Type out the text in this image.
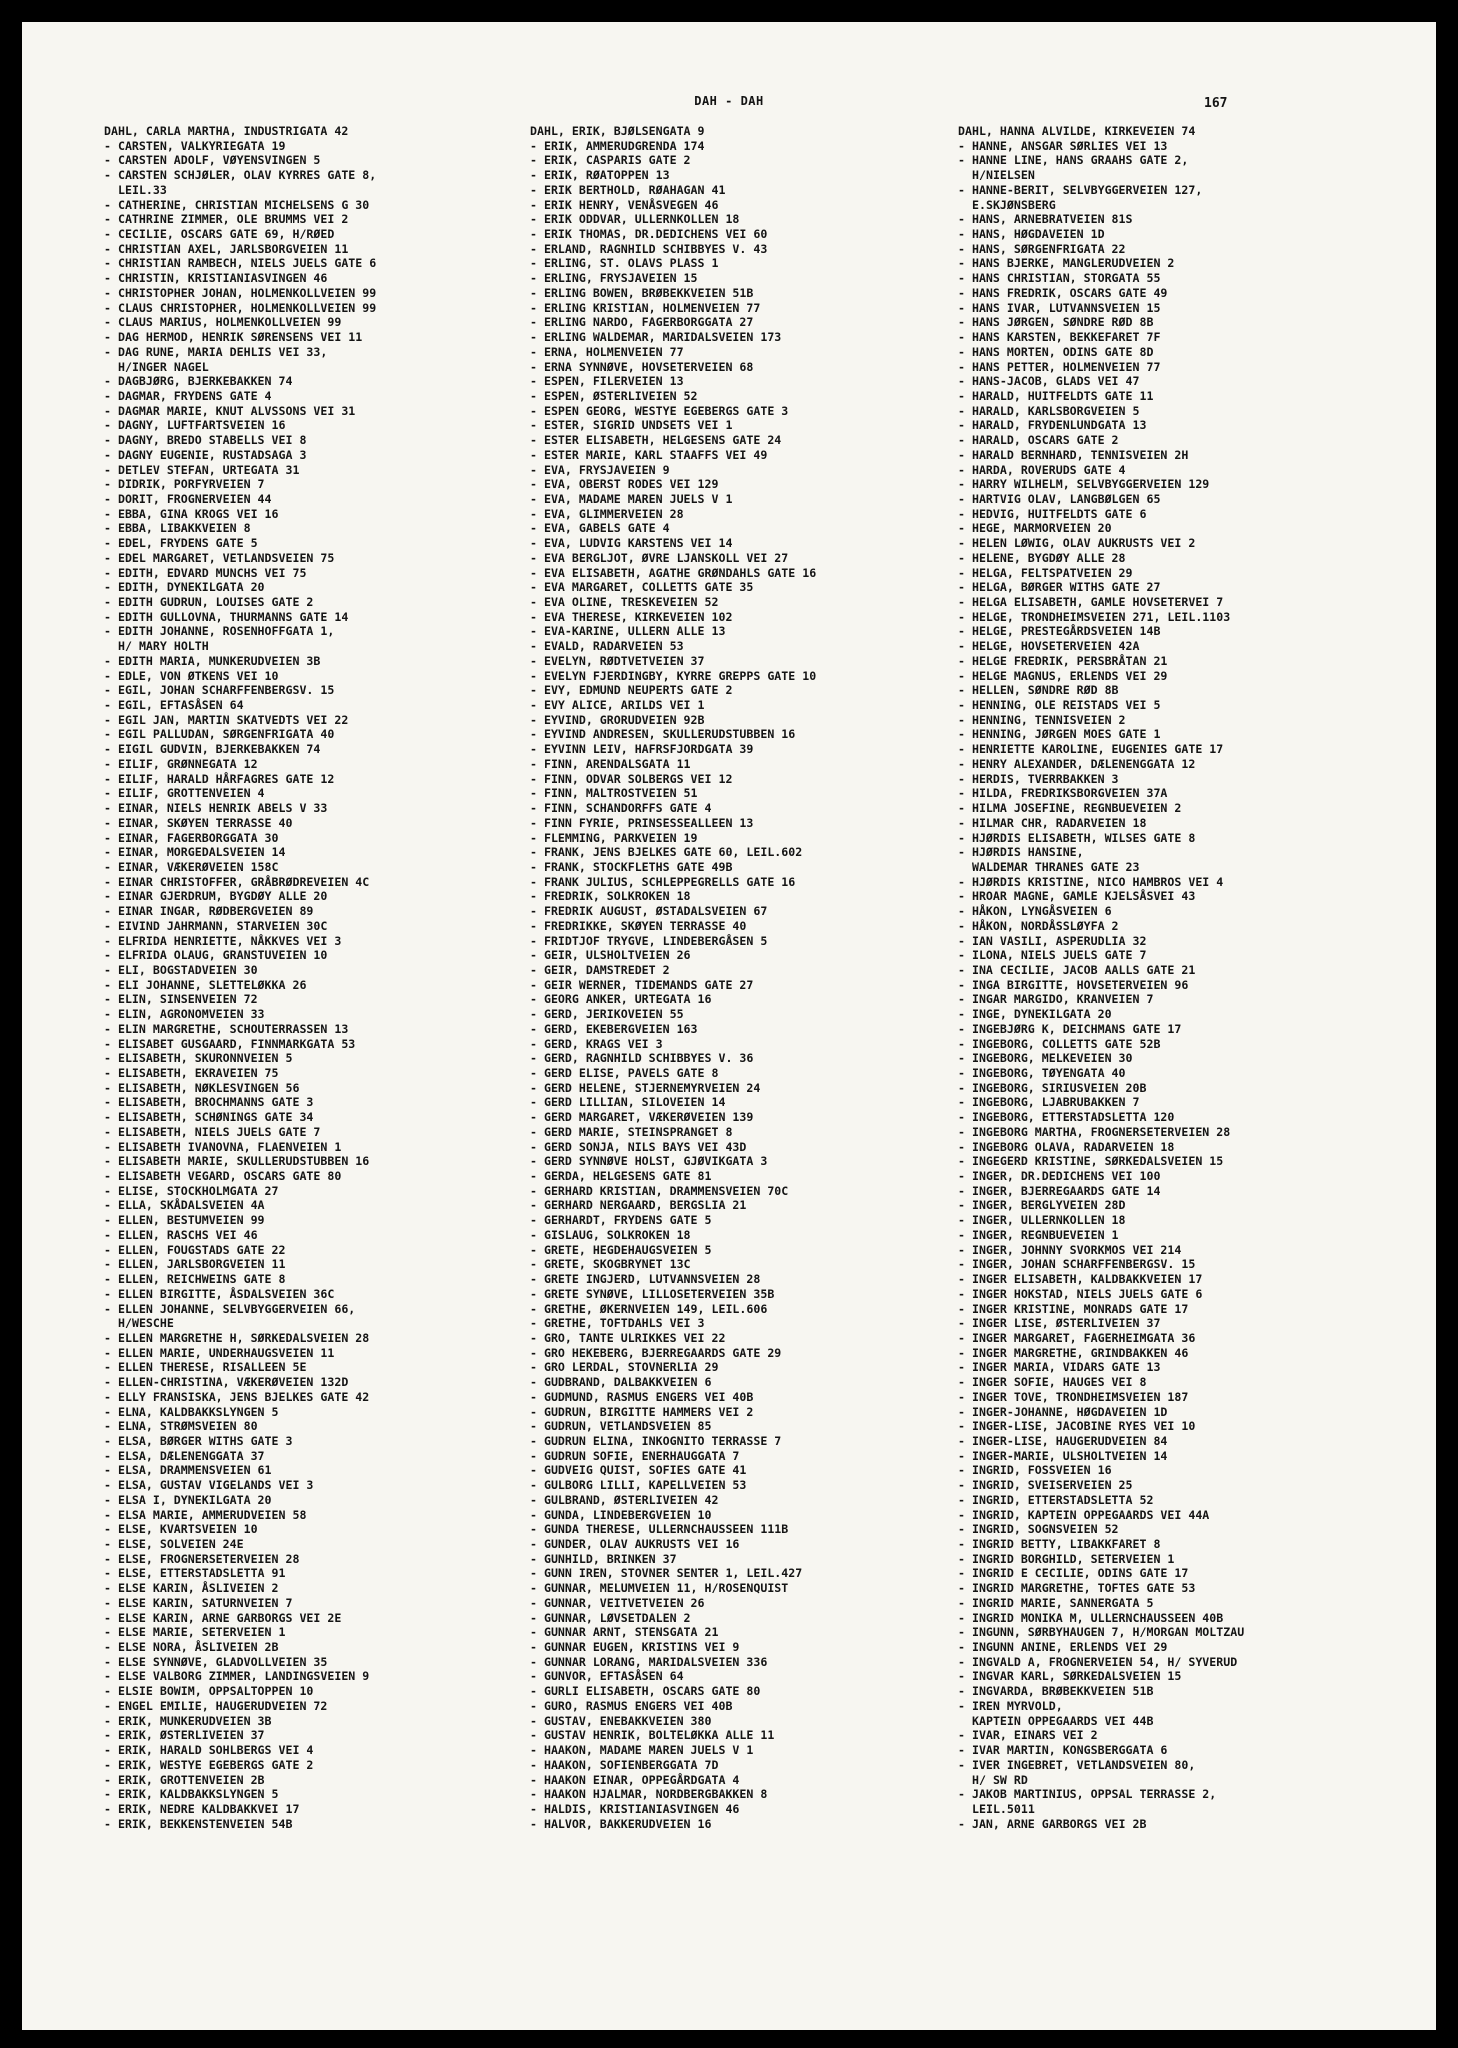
DAH - DAH	167
DAHL, CARLA MARTHA, INDUSTRIGATA 42
- CARSTEN, VALKYRIEGATA 19
- CARSTEN ADOLF, VØYENSVINGEN 5
- CARSTEN SCHJØLER, OLAV KYRRES GATE 8,
LEIL.33
- CATHERINE, CHRISTIAN MICHELSENS G 30
- CATHRINE ZIMMER, OLE BRUMMS VEI 2
- CECILIE, OSCARS GATE 69, H/RØED
- CHRISTIAN AXEL, JARLSBORGVEIEN 11
- CHRISTIAN RAMBECH, NIELS JUELS GATE 6
- CHRISTIN, KRISTIANIASVINGEN 46
- CHRISTOPHER JOHAN, HOLMENKOLLVEIEN 99
- CLAUS CHRISTOPHER, HOLMENKOLLVEIEN 99
- CLAUS MARIUS, HOLMENKOLLVEIEN 99
- DAG HERMOD, HENRIK SØRENSENS VEI 11
- DAG RUNE, MARIA DEHLIS VEI 33,
H/INGER NAGEL
- DAGBJØRG, BJERKEBAKKEN 74
- DAGMAR, FRYDENS GATE 4
- DAGMAR MARIE, KNUT ALVSSONS VEI 31
- DAGNY, LUFTFARTSVEIEN 16
- DAGNY, BREDO STABELLS VEI 8
- DAGNY EUGENIE, RUSTADSAGA 3
- DETLEV STEFAN, URTEGATA 31
- DIDRIK, PORFYRVEIEN 7
- DORIT, FROGNERVEIEN 44
- EBBA, GINA KROGS VEI 16
- EBBA, LIBAKKVEIEN 8
- EDEL, FRYDENS GATE 5
- EDEL MARGARET, VETLANDSVEIEN 75
- EDITH, EDVARD MUNCHS VEI 75
- EDITH, DYNEKILGATA 20
- EDITH GUDRUN, LOUISES GATE 2
- EDITH GULLOVNA, THURMANNS GATE 14
- EDITH JOHANNE, ROSENHOFFGATA 1,
H/ MARY HOLTH
- EDITH MARIA, MUNKERUDVEIEN 3B
- EDLE, VON ØTKENS VEI 10
- EGIL, JOHAN SCHARFFENBERGSV. 15
- EGIL, EFTASÅSEN 64
- EGIL JAN, MARTIN SKATVEDTS VEI 22
- EGIL PALLUDAN, SØRGENFRIGATA 40
- EIGIL GUDVIN, BJERKEBAKKEN 74
- EILIF, GRØNNEGATA 12
- EILIF, HARALD HÅRFAGRES GATE 12
- EILIF, GROTTENVEIEN 4
- EINAR, NIELS HENRIK ABELS V 33
- EINAR, SKØYEN TERRASSE 40
- EINAR, FAGERBORGGATA 30
- EINAR, MORGEDALSVEIEN 14
- EINAR, VÆKERØVEIEN 158C
- EINAR CHRISTOFFER, GRÅBRØDREVEIEN 4C
- EINAR GJERDRUM, BYGDØY ALLE 20
- EINAR INGAR, RØDBERGVEIEN 89
- EIVIND JAHRMANN, STARVEIEN 30C
- ELFRIDA HENRIETTE, NÅKKVES VEI 3
- ELFRIDA OLAUG, GRANSTUVEIEN 10
- ELI, BOGSTADVEIEN 30
- ELI JOHANNE, SLETTELØKKA 26
- ELIN, SINSENVEIEN 72
- ELIN, AGRONOMVEIEN 33
- ELIN MARGRETHE, SCHOUTERRASSEN 13
- ELISABET GUSGAARD, FINNMARKGATA 53
- ELISABETH, SKURONNVEIEN 5
- ELISABETH, EKRAVEIEN 75
- ELISABETH, NØKLESVINGEN 56
- ELISABETH, BROCHMANNS GATE 3
- ELISABETH, SCHØNINGS GATE 34
- ELISABETH, NIELS JUELS GATE 7
- ELISABETH IVANOVNA, FLAENVEIEN 1
- ELISABETH MARIE, SKULLERUDSTUBBEN 16
- ELISABETH VEGARD, OSCARS GATE 80
- ELISE, STOCKHOLMGATA 27
- ELLA, SKÅDALSVEIEN 4A
- ELLEN, BESTUMVEIEN 99
- ELLEN, RASCHS VEI 46
- ELLEN, FOUGSTADS GATE 22
- ELLEN, JARLSBORGVEIEN 11
- ELLEN, REICHWEINS GATE 8
- ELLEN BIRGITTE, ÅSDALSVEIEN 36C
- ELLEN JOHANNE, SELVBYGGERVEIEN 66,
H/WESCHE
- ELLEN MARGRETHE H, SØRKEDALSVEIEN 28
- ELLEN MARIE, UNDERHAUGSVEIEN 11
- ELLEN THERESE, RISALLEEN 5E
- ELLEN-CHRISTINA, VÆKERØVEIEN 132D
- ELLY FRANSISKA, JENS BJELKES GATE 42
- ELNA, KALDBAKKSLYNGEN 5
- ELNA, STRØMSVEIEN 80
- ELSA, BØRGER WITHS GATE 3
- ELSA, DÆLENENGGATA 37
- ELSA, DRAMMENSVEIEN 61
- ELSA, GUSTAV VIGELANDS VEI 3
- ELSA I, DYNEKILGATA 20
- ELSA MARIE, AMMERUDVEIEN 58
- ELSE, KVARTSVEIEN 10
- ELSE, SOLVEIEN 24E
- ELSE, FROGNERSETERVEIEN 28
- ELSE, ETTERSTADSLETTA 91
- ELSE KARIN, ÅSLIVEIEN 2
- ELSE KARIN, SATURNVEIEN 7
- ELSE KARIN, ARNE GARBORGS VEI 2E
- ELSE MARIE, SETERVEIEN 1
- ELSE NORA, ÅSLIVEIEN 2B
- ELSE SYNNØVE, GLADVOLLVEIEN 35
- ELSE VALBORG ZIMMER, LANDINGSVEIEN 9
- ELSIE BOWIM, OPPSALTOPPEN 10
- ENGEL EMILIE, HAUGERUDVEIEN 72
- ERIK, MUNKERUDVEIEN 3B
- ERIK, ØSTERLIVEIEN 37
- ERIK, HARALD SOHLBERGS VEI 4
- ERIK, WESTYE EGEBERGS GATE 2
- ERIK, GROTTENVEIEN 2B
- ERIK, KALDBAKKSLYNGEN 5
- ERIK, NEDRE KALDBAKKVEI 17
- ERIK, BEKKENSTENVEIEN 54B
DAHL, ERIK, BJØLSENGATA 9
- ERIK, AMMERUDGRENDA 174
- ERIK, CASPARIS GATE 2
- ERIK, RØATOPPEN 13
- ERIK BERTHOLD, RØAHAGAN 41
- ERIK HENRY, VENÅSVEGEN 46
- ERIK ODDVAR, ULLERNKOLLEN 18
- ERIK THOMAS, DR.DEDICHENS VEI 60
- ERLAND, RAGNHILD SCHIBBYES V. 43
- ERLING, ST. OLAVS PLASS 1
- ERLING, FRYSJAVEIEN 15
- ERLING BOWEN, BRØBEKKVEIEN 51B
- ERLING KRISTIAN, HOLMENVEIEN 77
- ERLING NARDO, FAGERBORGGATA 27
- ERLING WALDEMAR, MARIDALSVEIEN 173
- ERNA, HOLMENVEIEN 77
- ERNA SYNNØVE, HOVSETERVEIEN 68
- ESPEN, FILERVEIEN 13
- ESPEN, ØSTERLIVEIEN 52
- ESPEN GEORG, WESTYE EGEBERGS GATE 3
- ESTER, SIGRID UNDSETS VEI 1
- ESTER ELISABETH, HELGESENS GATE 24
- ESTER MARIE, KARL STAAFFS VEI 49
- EVA, FRYSJAVEIEN 9
- EVA, OBERST RODES VEI 129
- EVA, MADAME MAREN JUELS V 1
- EVA, GLIMMERVEIEN 28
- EVA, GABELS GATE 4
- EVA, LUDVIG KARSTENS VEI 14
- EVA BERGLJOT, ØVRE LJANSKOLL VEI 27
- EVA ELISABETH, AGATHE GRØNDAHLS GATE 16
- EVA MARGARET, COLLETTS GATE 35
- EVA OLINE, TRESKEVEIEN 52
- EVA THERESE, KIRKEVEIEN 102
- EVA-KARINE, ULLERN ALLE 13
- EVALD, RADARVEIEN 53
- EVELYN, RØDTVETVEIEN 37
- EVELYN FJERDINGBY, KYRRE GREPPS GATE 10
- EVY, EDMUND NEUPERTS GATE 2
- EVY ALICE, ARILDS VEI 1
- EYVIND, GRORUDVEIEN 92B
- EYVIND ANDRESEN, SKULLERUDSTUBBEN 16
- EYVINN LEIV, HAFRSFJORDGATA 39
- FINN, ARENDALSGATA 11
- FINN, ODVAR SOLBERGS VEI 12
- FINN, MALTROSTVEIEN 51
- FINN, SCHANDORFFS GATE 4
- FINN FYRIE, PRINSESSEALLEEN 13
- FLEMMING, PARKVEIEN 19
- FRANK, JENS BJELKES GATE 60, LEIL.602
- FRANK, STOCKFLETHS GATE 49B
- FRANK JULIUS, SCHLEPPEGRELLS GATE 16
- FREDRIK, SOLKROKEN 18
- FREDRIK AUGUST, ØSTADALSVEIEN 67
- FREDRIKKE, SKØYEN TERRASSE 40
- FRIDTJOF TRYGVE, LINDEBERGÅSEN 5
- GEIR, ULSHOLTVEIEN 26
- GEIR, DAMSTREDET 2
- GEIR WERNER, TIDEMANDS GATE 27
- GEORG ANKER, URTEGATA 16
- GERD, JERIKOVEIEN 55
- GERD, EKEBERGVEIEN 163
- GERD, KRAGS VEI 3
- GERD, RAGNHILD SCHIBBYES V. 36
- GERD ELISE, PAVELS GATE 8
- GERD HELENE, STJERNEMYRVEIEN 24
- GERD LILLIAN, SILOVEIEN 14
- GERD MARGARET, VÆKERØVEIEN 139
- GERD MARIE, STEINSPRANGET 8
- GERD SONJA, NILS BAYS VEI 43D
- GERD SYNNØVE HOLST, GJØVIKGATA 3
- GERDA, HELGESENS GATE 81
- GERHARD KRISTIAN, DRAMMENSVEIEN 70C
- GERHARD NERGAARD, BERGSLIA 21
- GERHARDT, FRYDENS GATE 5
- GISLAUG, SOLKROKEN 18
- GRETE, HEGDEHAUGSVEIEN 5
- GRETE, SKOGBRYNET 13C
- GRETE INGJERD, LUTVANNSVEIEN 28
- GRETE SYNØVE, LILLOSETERVEIEN 35B
- GRETHE, ØKERNVEIEN 149, LEIL.606
- GRETHE, TOFTDAHLS VEI 3
- GRO, TANTE ULRIKKES VEI 22
- GRO HEKEBERG, BJERREGAARDS GATE 29
- GRO LERDAL, STOVNERLIA 29
- GUDBRAND, DALBAKKVEIEN 6
- GUDMUND, RASMUS ENGERS VEI 40B
- GUDRUN, BIRGITTE HAMMERS VEI 2
- GUDRUN, VETLANDSVEIEN 85
- GUDRUN ELINA, INKOGNITO TERRASSE 7
- GUDRUN SOFIE, ENERHAUGGATA 7
- GUDVEIG QUIST, SOFIES GATE 41
- GULBORG LILLI, KAPELLVEIEN 53
- GULBRAND, ØSTERLIVEIEN 42
- GUNDA, LINDEBERGVEIEN 10
- GUNDA THERESE, ULLERNCHAUSSEEN 111B
- GUNDER, OLAV AUKRUSTS VEI 16
- GUNHILD, BRINKEN 37
- GUNN IREN, STOVNER SENTER 1, LEIL.427
- GUNNAR, MELUMVEIEN 11, H/ROSENQUIST
- GUNNAR, VEITVETVEIEN 26
- GUNNAR, LØVSETDALEN 2
- GUNNAR ARNT, STENSGATA 21
- GUNNAR EUGEN, KRISTINS VEI 9
- GUNNAR LORANG, MARIDALSVEIEN 336
- GUNVOR, EFTASÅSEN 64
- GURLI ELISABETH, OSCARS GATE 80
- GURO, RASMUS ENGERS VEI 40B
- GUSTAV, ENEBAKKVEIEN 380
- GUSTAV HENRIK, BOLTELØKKA ALLE 11
- HAAKON, MADAME MAREN JUELS V 1
- HAAKON, SOFIENBERGGATA 7D
- HAAKON EINAR, OPPEGÅRDGATA 4
- HAAKON HJALMAR, NORDBERGBAKKEN 8
- HALDIS, KRISTIANIASVINGEN 46
- HALVOR, BAKKERUDVEIEN 16
DAHL, HANNA ALVILDE, KIRKEVEIEN 74
- HANNE, ANSGAR SØRLIES VEI 13
- HANNE LINE, HANS GRAAHS GATE 2,
H/NIELSEN
- HANNE-BERIT, SELVBYGGERVEIEN 127,
E.SKJØNSBERG
- HANS, ARNEBRATVEIEN 81S
- HANS, HØGDAVEIEN 1D
- HANS, SØRGENFRIGATA 22
- HANS BJERKE, MANGLERUDVEIEN 2
- HANS CHRISTIAN, STORGATA 55
- HANS FREDRIK, OSCARS GATE 49
- HANS IVAR, LUTVANNSVEIEN 15
- HANS JØRGEN, SØNDRE RØD 8B
- HANS KARSTEN, BEKKEFARET 7F
- HANS MORTEN, ODINS GATE 8D
- HANS PETTER, HOLMENVEIEN 77
- HANS-JACOB, GLADS VEI 47
- HARALD, HUITFELDTS GATE 11
- HARALD, KARLSBORGVEIEN 5
- HARALD, FRYDENLUNDGATA 13
- HARALD, OSCARS GATE 2
- HARALD BERNHARD, TENNISVEIEN 2H
- HARDA, ROVERUDS GATE 4
- HARRY WILHELM, SELVBYGGERVEIEN 129
- HARTVIG OLAV, LANGBØLGEN 65
- HEDVIG, HUITFELDTS GATE 6
- HEGE, MARMORVEIEN 20
- HELEN LØWIG, OLAV AUKRUSTS VEI 2
- HELENE, BYGDØY ALLE 28
- HELGA, FELTSPATVEIEN 29
- HELGA, BØRGER WITHS GATE 27
- HELGA ELISABETH, GAMLE HOVSETERVEI 7
- HELGE, TRONDHEIMSVEIEN 271, LEIL.1103
- HELGE, PRESTEGÅRDSVEIEN 14B
- HELGE, HOVSETERVEIEN 42A
- HELGE FREDRIK, PERSBRÅTAN 21
- HELGE MAGNUS, ERLENDS VEI 29
- HELLEN, SØNDRE RØD 8B
- HENNING, OLE REISTADS VEI 5
- HENNING, TENNISVEIEN 2
- HENNING, JØRGEN MOES GATE 1
- HENRIETTE KAROLINE, EUGENIES GATE 17
- HENRY ALEXANDER, DÆLENENGGATA 12
- HERDIS, TVERRBAKKEN 3
- HILDA, FREDRIKSBORGVEIEN 37A
- HILMA JOSEFINE, REGNBUEVEIEN 2
- HILMAR CHR, RADARVEIEN 18
- HJØRDIS ELISABETH, WILSES GATE 8
- HJØRDIS HANSINE,
WALDEMAR THRANES GATE 23
- HJØRDIS KRISTINE, NICO HAMBROS VEI 4
- HROAR MAGNE, GAMLE KJELSÅSVEI 43
- HÅKON, LYNGÅSVEIEN 6
- HÅKON, NORDÅSSLØYFA 2
- IAN VASILI, ASPERUDLIA 32
- ILONA, NIELS JUELS GATE 7
- INA CECILIE, JACOB AALLS GATE 21
- INGA BIRGITTE, HOVSETERVEIEN 96
- INGAR MARGIDO, KRANVEIEN 7
- INGE, DYNEKILGATA 20
- INGEBJØRG K, DEICHMANS GATE 17
- INGEBORG, COLLETTS GATE 52B
- INGEBORG, MELKEVEIEN 30
- INGEBORG, TØYENGATA 40
- INGEBORG, SIRIUSVEIEN 20B
- INGEBORG, LJABRUBAKKEN 7
- INGEBORG, ETTERSTADSLETTA 120
- INGEBORG MARTHA, FROGNERSETERVEIEN 28
- INGEBORG OLAVA, RADARVEIEN 18
- INGEGERD KRISTINE, SØRKEDALSVEIEN 15
- INGER, DR.DEDICHENS VEI 100
- INGER, BJERREGAARDS GATE 14
- INGER, BERGLYVEIEN 28D
- INGER, ULLERNKOLLEN 18
- INGER, REGNBUEVEIEN 1
- INGER, JOHNNY SVORKMOS VEI 214
- INGER, JOHAN SCHARFFENBERGSV. 15
- INGER ELISABETH, KALDBAKKVEIEN 17
- INGER HOKSTAD, NIELS JUELS GATE 6
- INGER KRISTINE, MONRADS GATE 17
- INGER LISE, ØSTERLIVEIEN 37
- INGER MARGARET, FAGERHEIMGATA 36
- INGER MARGRETHE, GRINDBAKKEN 46
- INGER MARIA, VIDARS GATE 13
- INGER SOFIE, HAUGES VEI 8
- INGER TOVE, TRONDHEIMSVEIEN 187
- INGER-JOHANNE, HØGDAVEIEN 1D
- INGER-LISE, JACOBINE RYES VEI 10
- INGER-LISE, HAUGERUDVEIEN 84
- INGER-MARIE, ULSHOLTVEIEN 14
- INGRID, FOSSVEIEN 16
- INGRID, SVEISERVEIEN 25
- INGRID, ETTERSTADSLETTA 52
- INGRID, KAPTEIN OPPEGAARDS VEI 44A
- INGRID, SOGNSVEIEN 52
- INGRID BETTY, LIBAKKFARET 8
- INGRID BORGHILD, SETERVEIEN 1
- INGRID E CECILIE, ODINS GATE 17
- INGRID MARGRETHE, TOFTES GATE 53
- INGRID MARIE, SANNERGATA 5
- INGRID MONIKA M, ULLERNCHAUSSEEN 40B
- INGUNN, SØRBYHAUGEN 7, H/MORGAN MOLTZAU
- INGUNN ANINE, ERLENDS VEI 29
- INGVALD A, FROGNERVEIEN 54, H/ SYVERUD
- INGVAR KARL, SØRKEDALSVEIEN 15
- INGVARDA, BRØBEKKVEIEN 51B
- IREN MYRVOLD,
KAPTEIN OPPEGAARDS VEI 44B
- IVAR, EINARS VEI 2
- IVAR MARTIN, KONGSBERGGATA 6
- IVER INGEBRET, VETLANDSVEIEN 80,
H/ SW RD
- JAKOB MARTINIUS, OPPSAL TERRASSE 2,
LEIL.5011
- JAN, ARNE GARBORGS VEI 2B
